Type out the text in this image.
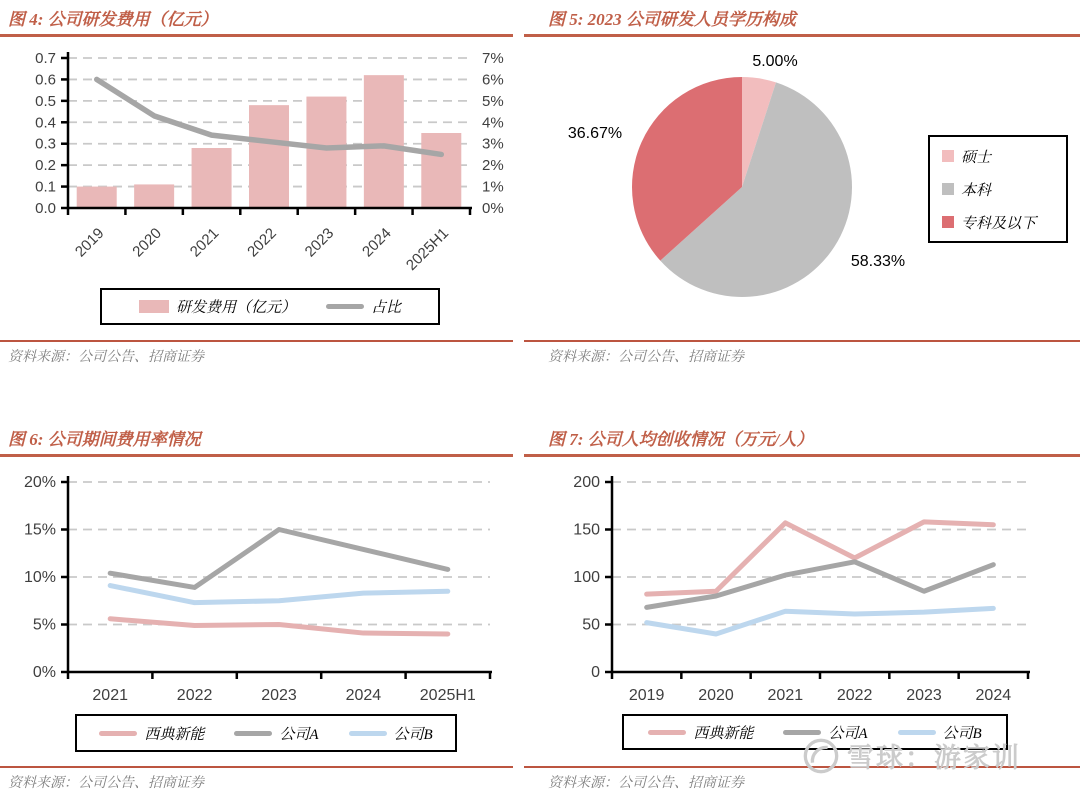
图 4: 公司研发费用（亿元）
0.0
0.1
0.2
0.3
0.4
0.5
0.6
0.7
0%
1%
2%
3%
4%
5%
6%
7%
2019 2020 2021 2022 2023 2024 2025H1
研发费用（亿元）	占比
资料来源：公司公告、招商证券
图 5: 2023 公司研发人员学历构成
5.00%
58.33%
36.67%
硕士
本科
专科及以下
资料来源：公司公告、招商证券
图 6: 公司期间费用率情况
0%
5%
10%
15%
20%
2021	2022	2023	2024 2025H1
西典新能	公司A	公司B
资料来源：公司公告、招商证券
图 7: 公司人均创收情况（万元/人）
0
50
100
150
200
2019 2020 2021 2022 2023 2024
西典新能	公司A	公司B
资料来源：公司公告、招商证券
雪球：游家训
